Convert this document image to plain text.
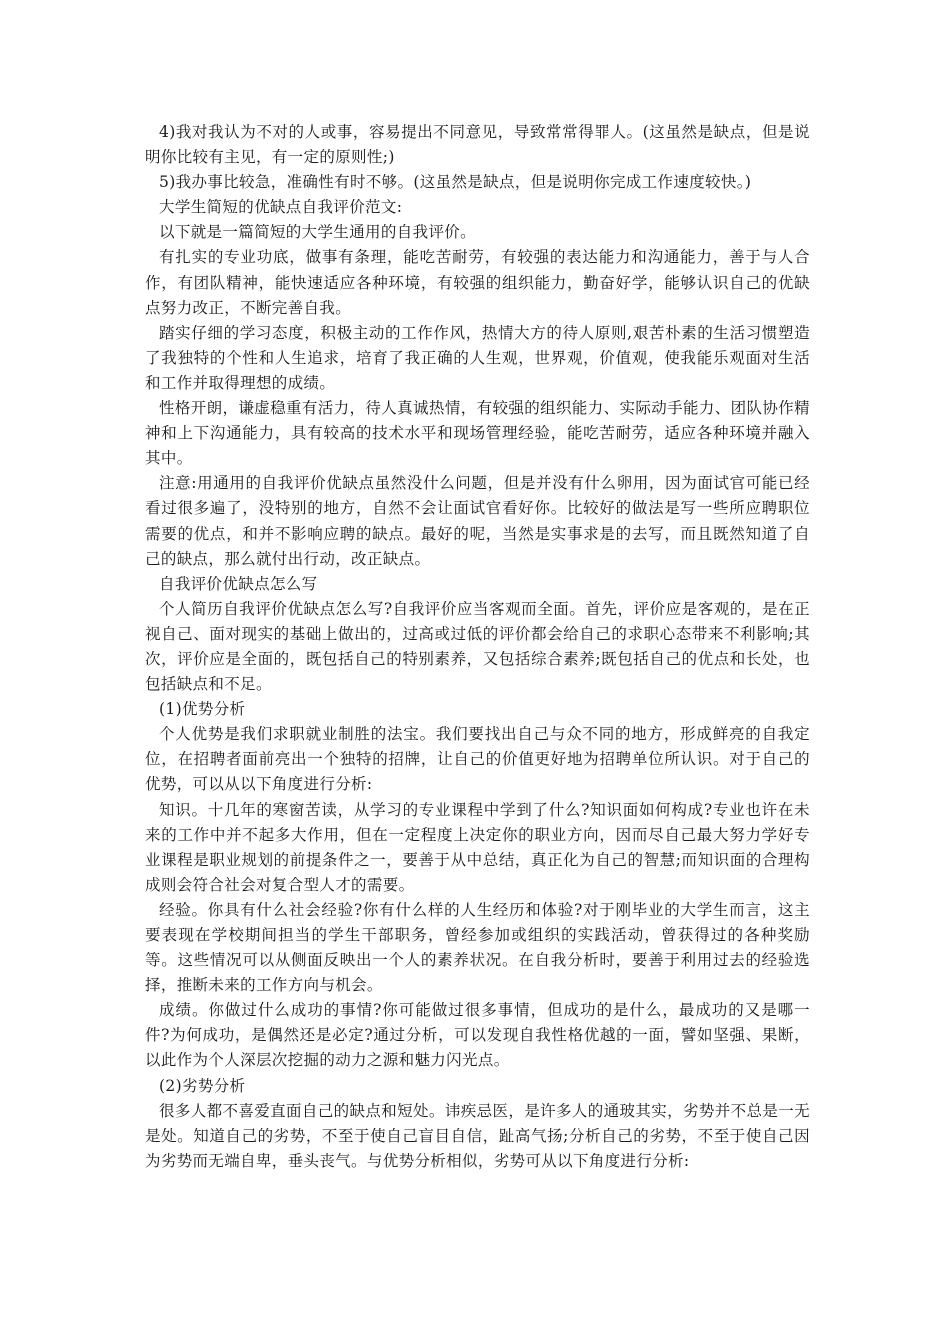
4)我对我认为不对的人或事，容易提出不同意见，导致常常得罪人。(这虽然是缺点，但是说明你比较有主见，有一定的原则性;)

5)我办事比较急，准确性有时不够。(这虽然是缺点，但是说明你完成工作速度较快。)

大学生简短的优缺点自我评价范文:

以下就是一篇简短的大学生通用的自我评价。

有扎实的专业功底，做事有条理，能吃苦耐劳，有较强的表达能力和沟通能力，善于与人合作，有团队精神，能快速适应各种环境，有较强的组织能力，勤奋好学，能够认识自己的优缺点努力改正，不断完善自我。

踏实仔细的学习态度，积极主动的工作作风，热情大方的待人原则,艰苦朴素的生活习惯塑造了我独特的个性和人生追求，培育了我正确的人生观，世界观，价值观，使我能乐观面对生活和工作并取得理想的成绩。

性格开朗，谦虚稳重有活力，待人真诚热情，有较强的组织能力、实际动手能力、团队协作精神和上下沟通能力，具有较高的技术水平和现场管理经验，能吃苦耐劳，适应各种环境并融入其中。

注意:用通用的自我评价优缺点虽然没什么问题，但是并没有什么卵用，因为面试官可能已经看过很多遍了，没特别的地方，自然不会让面试官看好你。比较好的做法是写一些所应聘职位需要的优点，和并不影响应聘的缺点。最好的呢，当然是实事求是的去写，而且既然知道了自己的缺点，那么就付出行动，改正缺点。

自我评价优缺点怎么写

个人简历自我评价优缺点怎么写?自我评价应当客观而全面。首先，评价应是客观的，是在正视自己、面对现实的基础上做出的，过高或过低的评价都会给自己的求职心态带来不利影响;其次，评价应是全面的，既包括自己的特别素养，又包括综合素养;既包括自己的优点和长处，也包括缺点和不足。

(1)优势分析

个人优势是我们求职就业制胜的法宝。我们要找出自己与众不同的地方，形成鲜亮的自我定位，在招聘者面前亮出一个独特的招牌，让自己的价值更好地为招聘单位所认识。对于自己的优势，可以从以下角度进行分析:

知识。十几年的寒窗苦读，从学习的专业课程中学到了什么?知识面如何构成?专业也许在未来的工作中并不起多大作用，但在一定程度上决定你的职业方向，因而尽自己最大努力学好专业课程是职业规划的前提条件之一，要善于从中总结，真正化为自己的智慧;而知识面的合理构成则会符合社会对复合型人才的需要。

经验。你具有什么社会经验?你有什么样的人生经历和体验?对于刚毕业的大学生而言，这主要表现在学校期间担当的学生干部职务，曾经参加或组织的实践活动，曾获得过的各种奖励等。这些情况可以从侧面反映出一个人的素养状况。在自我分析时，要善于利用过去的经验选择，推断未来的工作方向与机会。

成绩。你做过什么成功的事情?你可能做过很多事情，但成功的是什么，最成功的又是哪一件?为何成功，是偶然还是必定?通过分析，可以发现自我性格优越的一面，譬如坚强、果断，以此作为个人深层次挖掘的动力之源和魅力闪光点。

(2)劣势分析

很多人都不喜爱直面自己的缺点和短处。讳疾忌医，是许多人的通玻其实，劣势并不总是一无是处。知道自己的劣势，不至于使自己盲目自信，趾高气扬;分析自己的劣势，不至于使自己因为劣势而无端自卑，垂头丧气。与优势分析相似，劣势可从以下角度进行分析:
